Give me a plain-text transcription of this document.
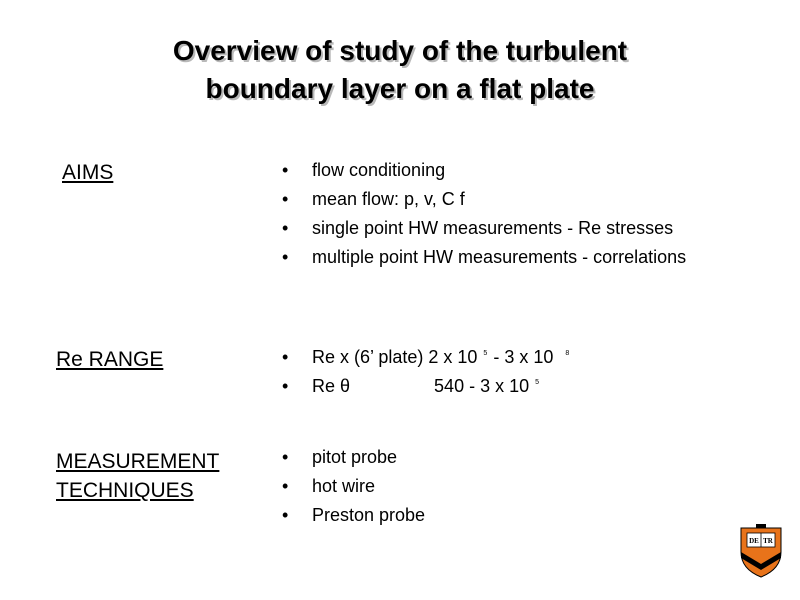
Overview of study of the turbulent
boundary layer on a flat plate
AIMS	• flow conditioning
• mean flow: p, v, C f
• single point HW measurements - Re stresses
• multiple point HW measurements - correlations
Re RANGE	• Re x (6’ plate) 2 x 10 $^5$ - 3 x 10 $^8$
• Re θ	540 - 3 x 10 $^5$
MEASUREMENT
TECHNIQUES
• pitot probe
• hot wire
• Preston probe
DE TR
